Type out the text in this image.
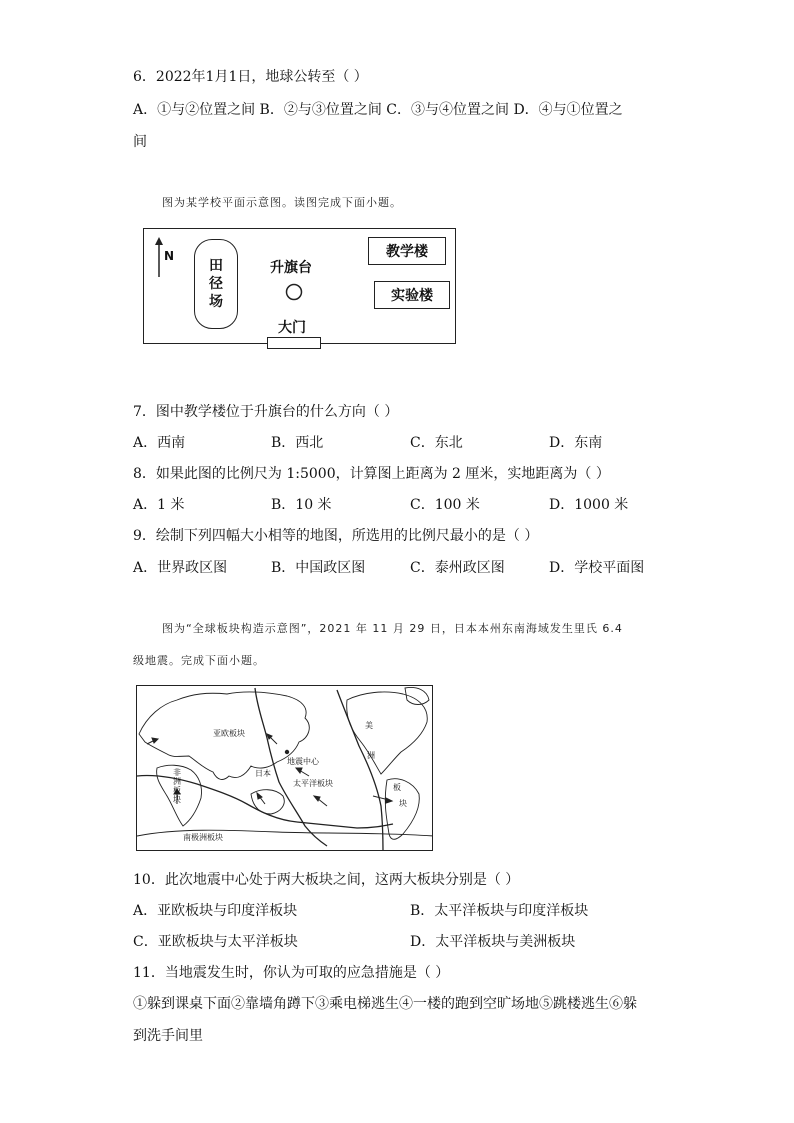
6．2022年1月1日，地球公转至（ ）
A．①与②位置之间 B．②与③位置之间 C．③与④位置之间 D．④与①位置之
间
图为某学校平面示意图。读图完成下面小题。
N
田
径
场
升旗台
教学楼
实验楼
大门
7．图中教学楼位于升旗台的什么方向（ ）
A．西南	B．西北	C．东北	D．东南
8．如果此图的比例尺为 1:5000，计算图上距离为 2 厘米，实地距离为（ ）
A．1 米	B．10 米	C．100 米	D．1000 米
9．绘制下列四幅大小相等的地图，所选用的比例尺最小的是（ ）
A．世界政区图	B．中国政区图	C．泰州政区图	D．学校平面图
图为“全球板块构造示意图”，2021 年 11 月 29 日，日本本州东南海域发生里氏 6.4
级地震。完成下面小题。
亚欧板块
非
洲
板
块
日本
地震中心
太平洋板块
美
洲
板
块
南极洲板块
10．此次地震中心处于两大板块之间，这两大板块分别是（ ）
A．亚欧板块与印度洋板块	B．太平洋板块与印度洋板块
C．亚欧板块与太平洋板块	D．太平洋板块与美洲板块
11．当地震发生时，你认为可取的应急措施是（ ）
①躲到课桌下面②靠墙角蹲下③乘电梯逃生④一楼的跑到空旷场地⑤跳楼逃生⑥躲
到洗手间里
